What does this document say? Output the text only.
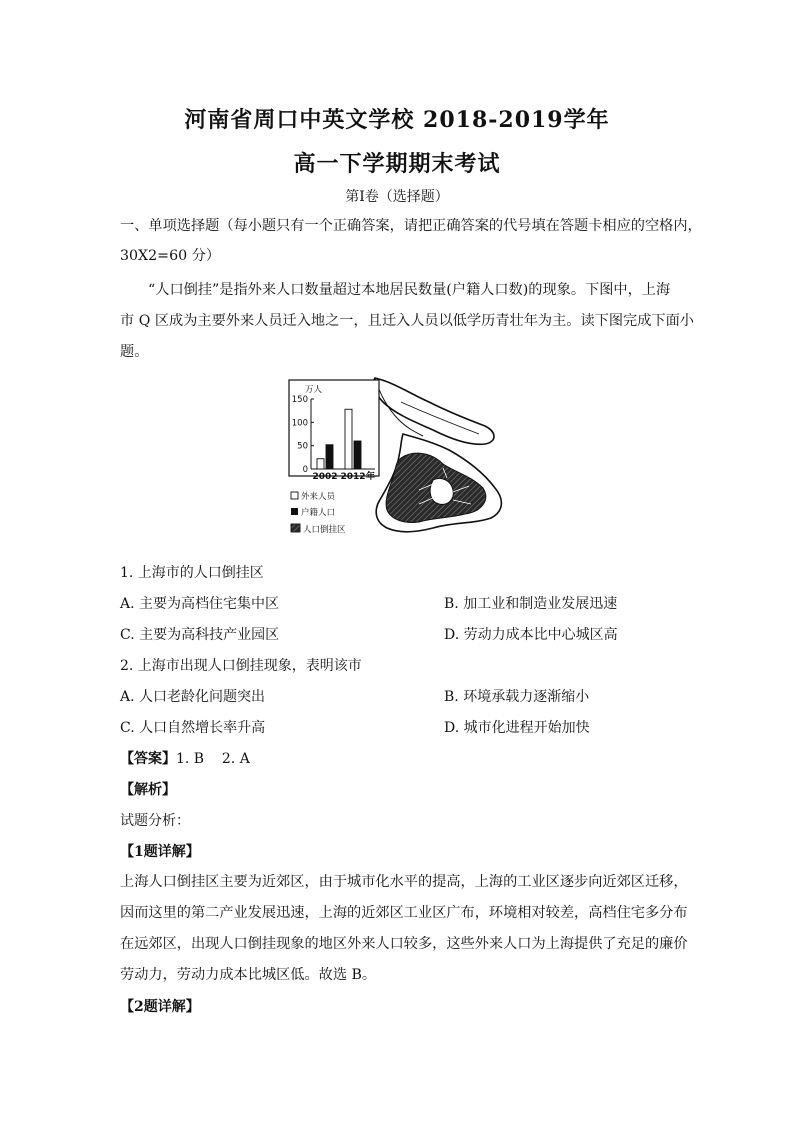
河南省周口中英文学校 2018-2019学年
高一下学期期末考试
第Ⅰ卷（选择题）
一、单项选择题（每小题只有一个正确答案，请把正确答案的代号填在答题卡相应的空格内，
30X2=60 分）
“人口倒挂”是指外来人口数量超过本地居民数量(户籍人口数)的现象。下图中，上海
市 Q 区成为主要外来人员迁入地之一，且迁入人员以低学历青壮年为主。读下图完成下面小
题。
万人
150
100
50
0
2002 2012 年
外来人员
户籍人口
人口倒挂区
1. 上海市的人口倒挂区
A. 主要为高档住宅集中区	B. 加工业和制造业发展迅速
C. 主要为高科技产业园区	D. 劳动力成本比中心城区高
2. 上海市出现人口倒挂现象，表明该市
A. 人口老龄化问题突出	B. 环境承载力逐渐缩小
C. 人口自然增长率升高	D. 城市化进程开始加快
【答案】1. B    2. A
【解析】
试题分析：
【1题详解】
上海人口倒挂区主要为近郊区，由于城市化水平的提高，上海的工业区逐步向近郊区迁移，
因而这里的第二产业发展迅速，上海的近郊区工业区广布，环境相对较差，高档住宅多分布
在远郊区，出现人口倒挂现象的地区外来人口较多，这些外来人口为上海提供了充足的廉价
劳动力，劳动力成本比城区低。故选 B。
【2题详解】
